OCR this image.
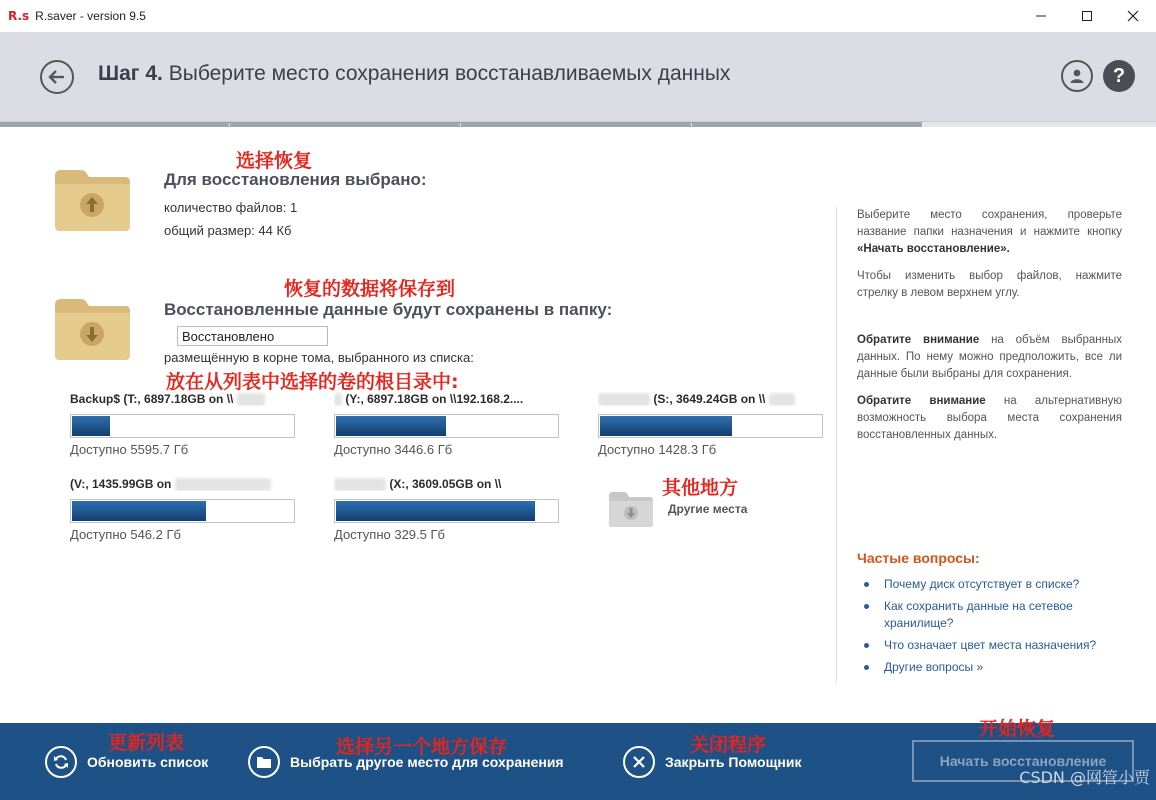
R.s R.saver - version 9.5
Шаг 4. Выберите место сохранения восстанавливаемых данных	?
›	›	›	›
Для восстановления выбрано:
количество файлов: 1
общий размер: 44 Кб
Восстановленные данные будут сохранены в папку:
Восстановлено
размещённую в корне тома, выбранного из списка:
Backup$ (T:, 6897.18GB on \\
Доступно 5595.7 Гб
(Y:, 6897.18GB on \\192.168.2....
Доступно 3446.6 Гб
(S:, 3649.24GB on \\
Доступно 1428.3 Гб
(V:, 1435.99GB on
Доступно 546.2 Гб
(X:, 3609.05GB on \\
Доступно 329.5 Гб
Другие места
Выберите место сохранения, проверьте название папки назначения и нажмите кнопку «Начать восстановление».
Чтобы изменить выбор файлов, нажмите стрелку в левом верхнем углу.
Обратите внимание на объём выбранных данных. По нему можно предположить, все ли данные были выбраны для сохранения.
Обратите внимание на альтернативную возможность выбора места сохранения восстановленных данных.
Частые вопросы:
Почему диск отсутствует в списке?
Как сохранить данные на сетевое хранилище?
Что означает цвет места назначения?
Другие вопросы »
Обновить список	Выбрать другое место для сохранения	Закрыть Помощник	Начать восстановление
选择恢复
恢复的数据将保存到
放在从列表中选择的卷的根目录中:
其他地方
更新列表	选择另一个地方保存	关闭程序
开始恢复
CSDN @网管小贾
